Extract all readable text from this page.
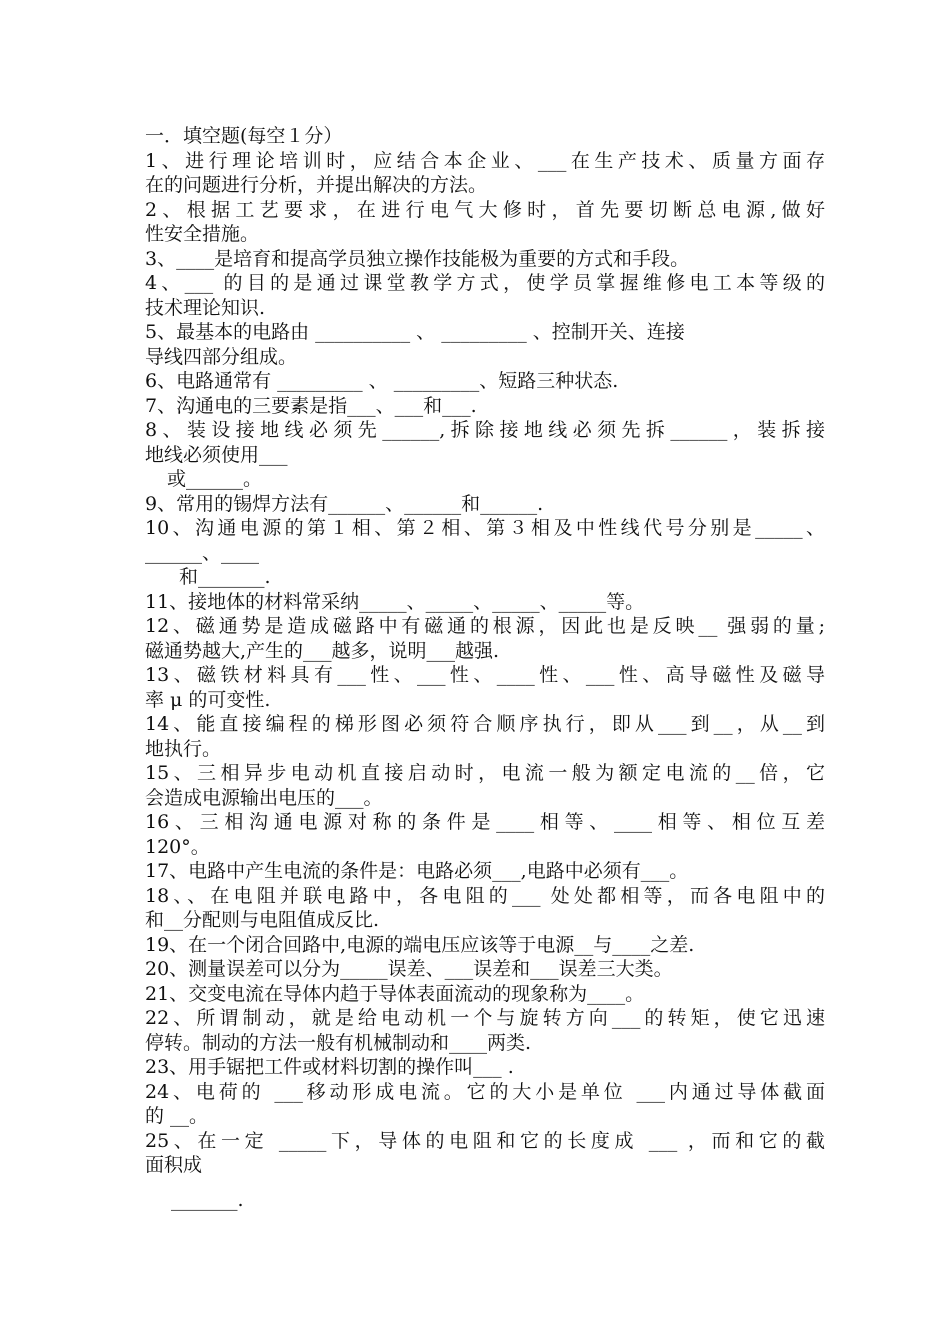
一．填空题(每空１分）
1、进行理论培训时，应结合本企业、___在生产技术、质量方面存
在的问题进行分析，并提出解决的方法。
2、根据工艺要求，在进行电气大修时，首先要切断总电源,做好
性安全措施。
3、____是培育和提高学员独立操作技能极为重要的方式和手段。
4、___ 的目的是通过课堂教学方式，使学员掌握维修电工本等级的
技术理论知识.
5、最基本的电路由 __________ 、 _________ 、控制开关、连接
导线四部分组成。
6、电路通常有 _________ 、 _________、短路三种状态.
7、沟通电的三要素是指___、___和___.
8、装设接地线必须先______,拆除接地线必须先拆______，装拆接
地线必须使用___
或______。
9、常用的锡焊方法有______、______和______.
10、沟通电源的第１相、第２相、第３相及中性线代号分别是_____、
______、____
和_______.
11、接地体的材料常采纳_____、_____、_____、_____等。
12、磁通势是造成磁路中有磁通的根源，因此也是反映__ 强弱的量;
磁通势越大,产生的___越多，说明___越强.
13、磁铁材料具有___性、___性、____性、___性、高导磁性及磁导
率 μ 的可变性.
14、能直接编程的梯形图必须符合顺序执行，即从___到__，从__到
地执行。
15、三相异步电动机直接启动时，电流一般为额定电流的__倍，它
会造成电源输出电压的___。
16、三相沟通电源对称的条件是____相等、____相等、相位互差
120°。
17、电路中产生电流的条件是：电路必须___,电路中必须有___。
18、、在电阻并联电路中，各电阻的___ 处处都相等，而各电阻中的
和__分配则与电阻值成反比.
19、在一个闭合回路中,电源的端电压应该等于电源__与____之差.
20、测量误差可以分为_____误差、___误差和___误差三大类。
21、交变电流在导体内趋于导体表面流动的现象称为____。
22、所谓制动，就是给电动机一个与旋转方向___的转矩，使它迅速
停转。制动的方法一般有机械制动和____两类.
23、用手锯把工件或材料切割的操作叫___ .
24、电荷的 ___移动形成电流。它的大小是单位 ___内通过导体截面
的 __。
25、在一定 _____下，导体的电阻和它的长度成 ___ ，而和它的截
面积成
_______.
